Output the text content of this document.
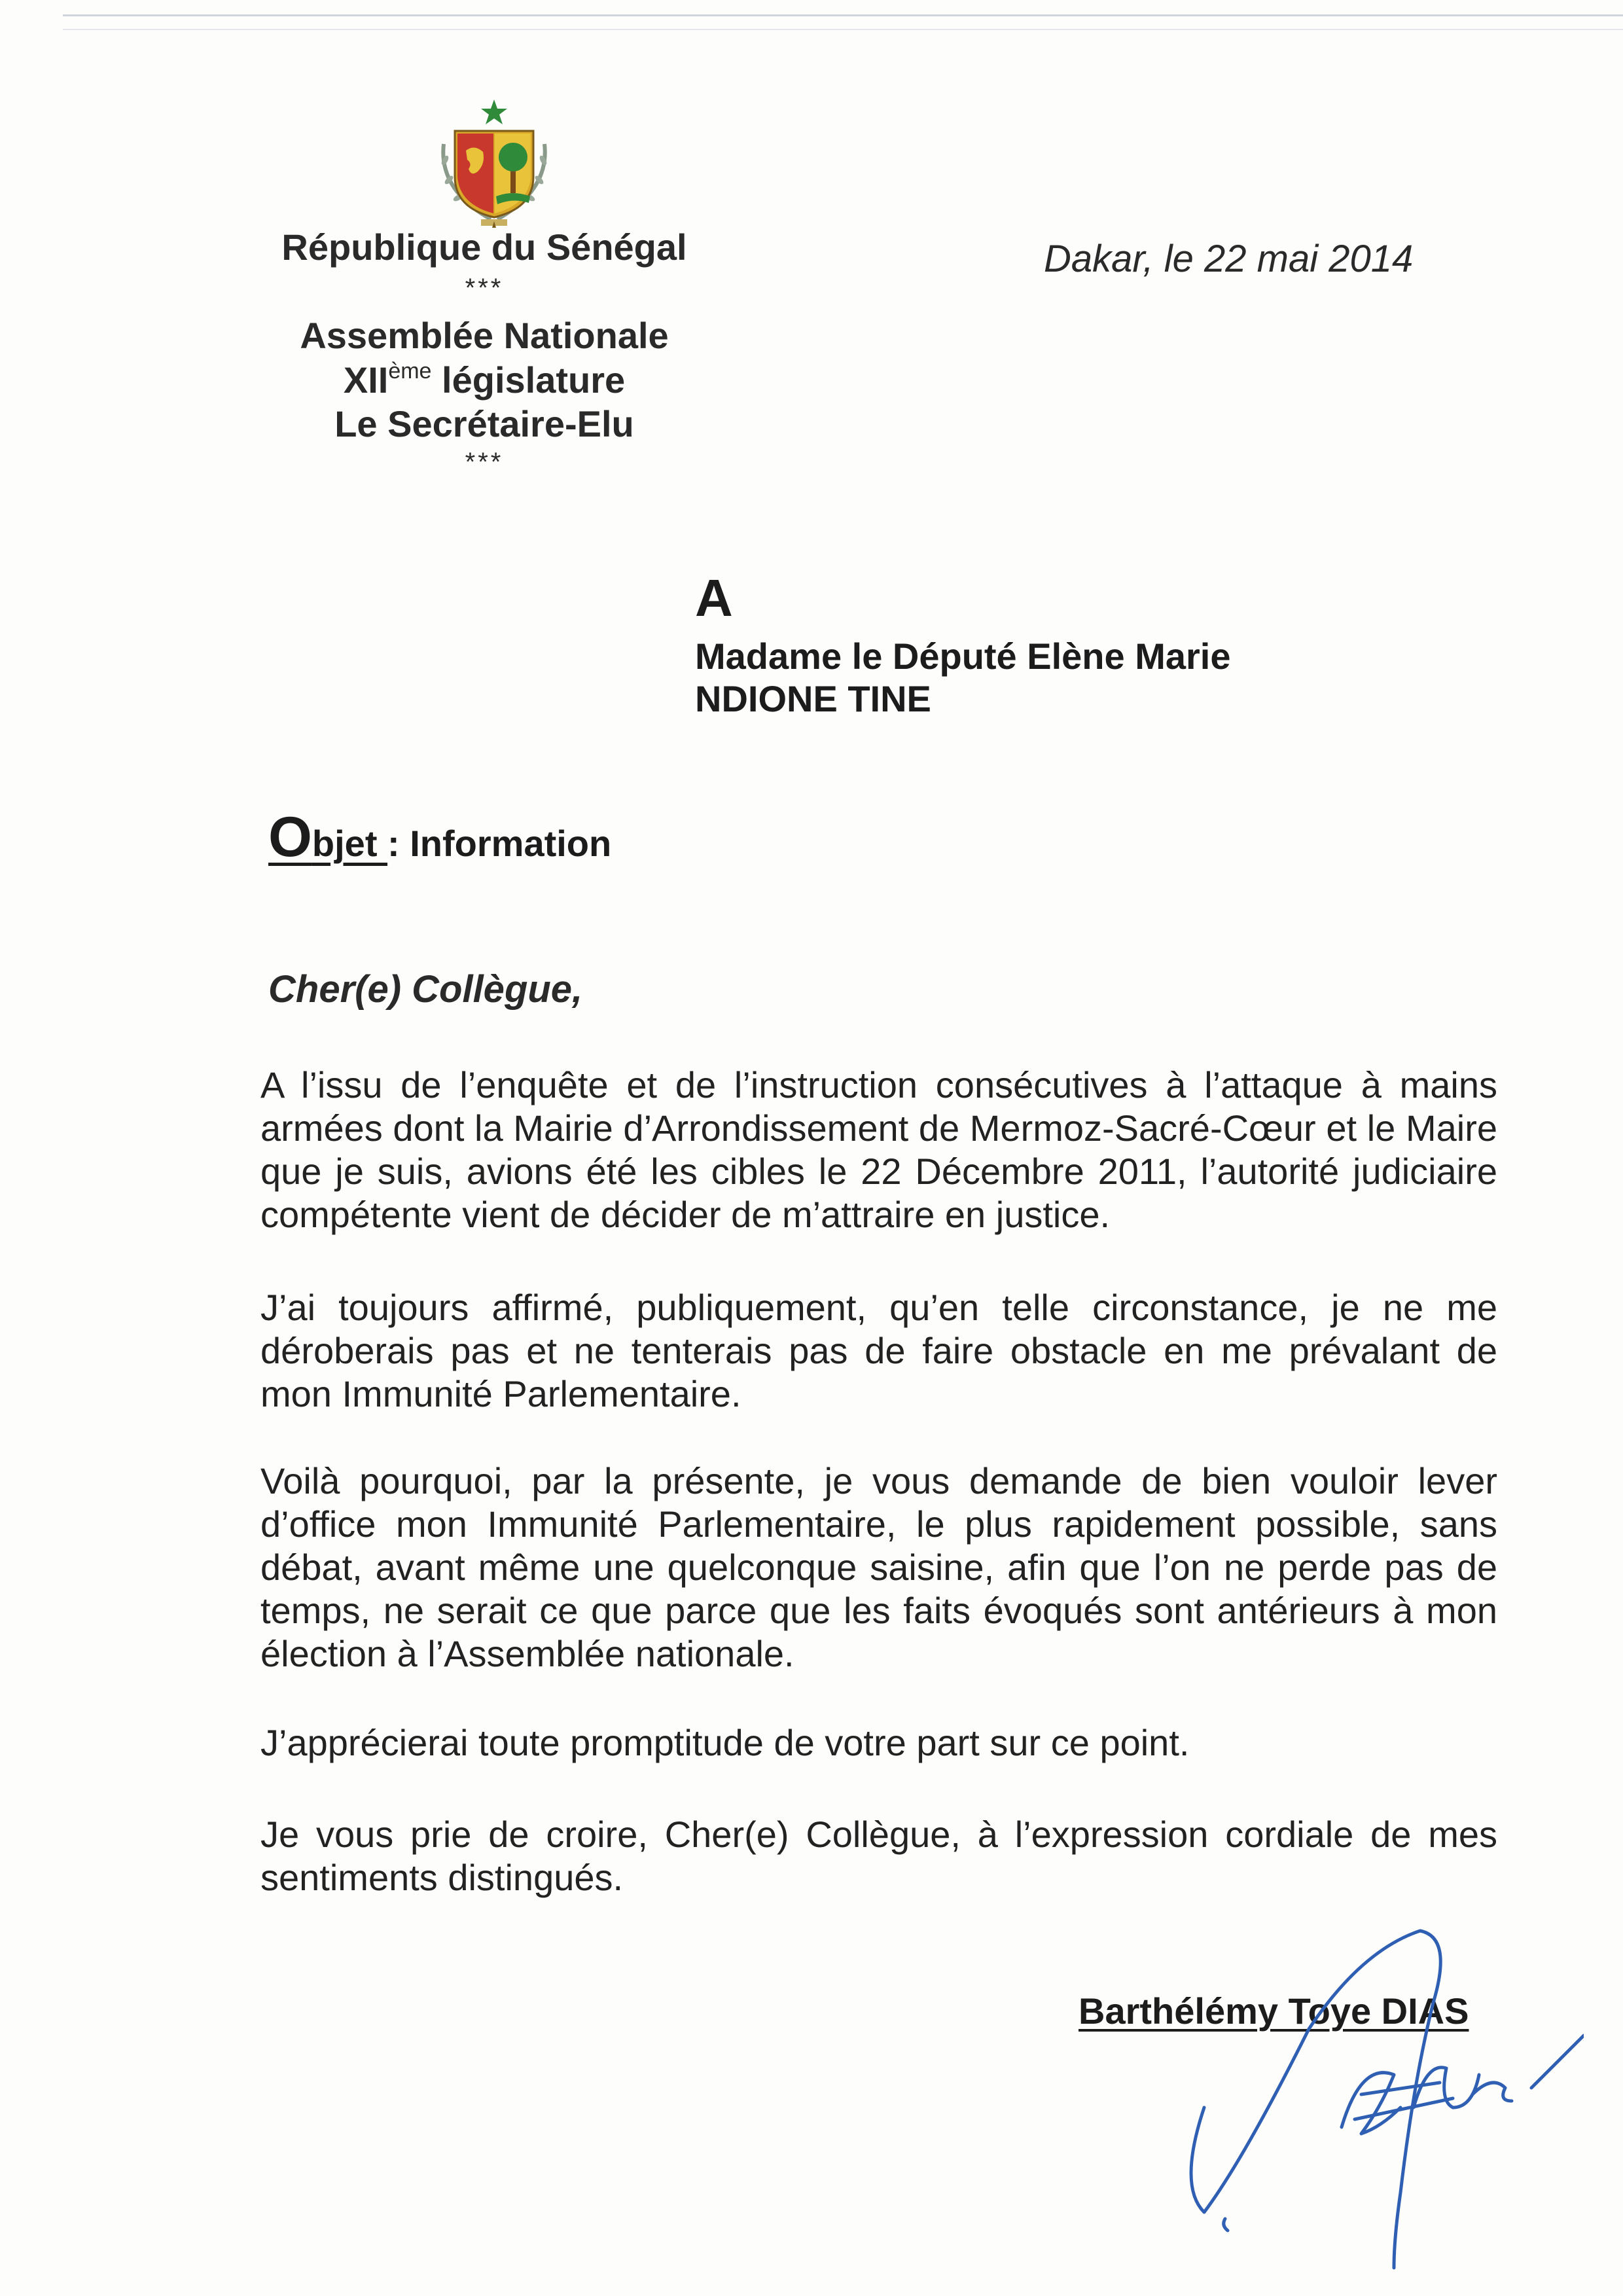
République du Sénégal
***
Assemblée Nationale
XIIème législature
Le Secrétaire-Elu
***
Dakar, le 22 mai 2014
A
Madame le Député Elène Marie
NDIONE TINE
Objet : Information
Cher(e) Collègue,
A l’issu de l’enquête et de l’instruction consécutives à l’attaque à mains armées dont la Mairie d’Arrondissement de Mermoz-Sacré-Cœur et le Maire que je suis, avions été les cibles le 22 Décembre 2011, l’autorité judiciaire compétente vient de décider de m’attraire en justice.
J’ai toujours affirmé, publiquement, qu’en telle circonstance, je ne me déroberais pas et ne tenterais pas de faire obstacle en me prévalant de mon Immunité Parlementaire.
Voilà pourquoi, par la présente, je vous demande de bien vouloir lever d’office mon Immunité Parlementaire, le plus rapidement possible, sans débat, avant même une quelconque saisine, afin que l’on ne perde pas de temps, ne serait ce que parce que les faits évoqués sont antérieurs à mon élection à l’Assemblée nationale.
J’apprécierai toute promptitude de votre part sur ce point.
Je vous prie de croire, Cher(e) Collègue, à l’expression cordiale de mes sentiments distingués.
Barthélémy Toye DIAS
